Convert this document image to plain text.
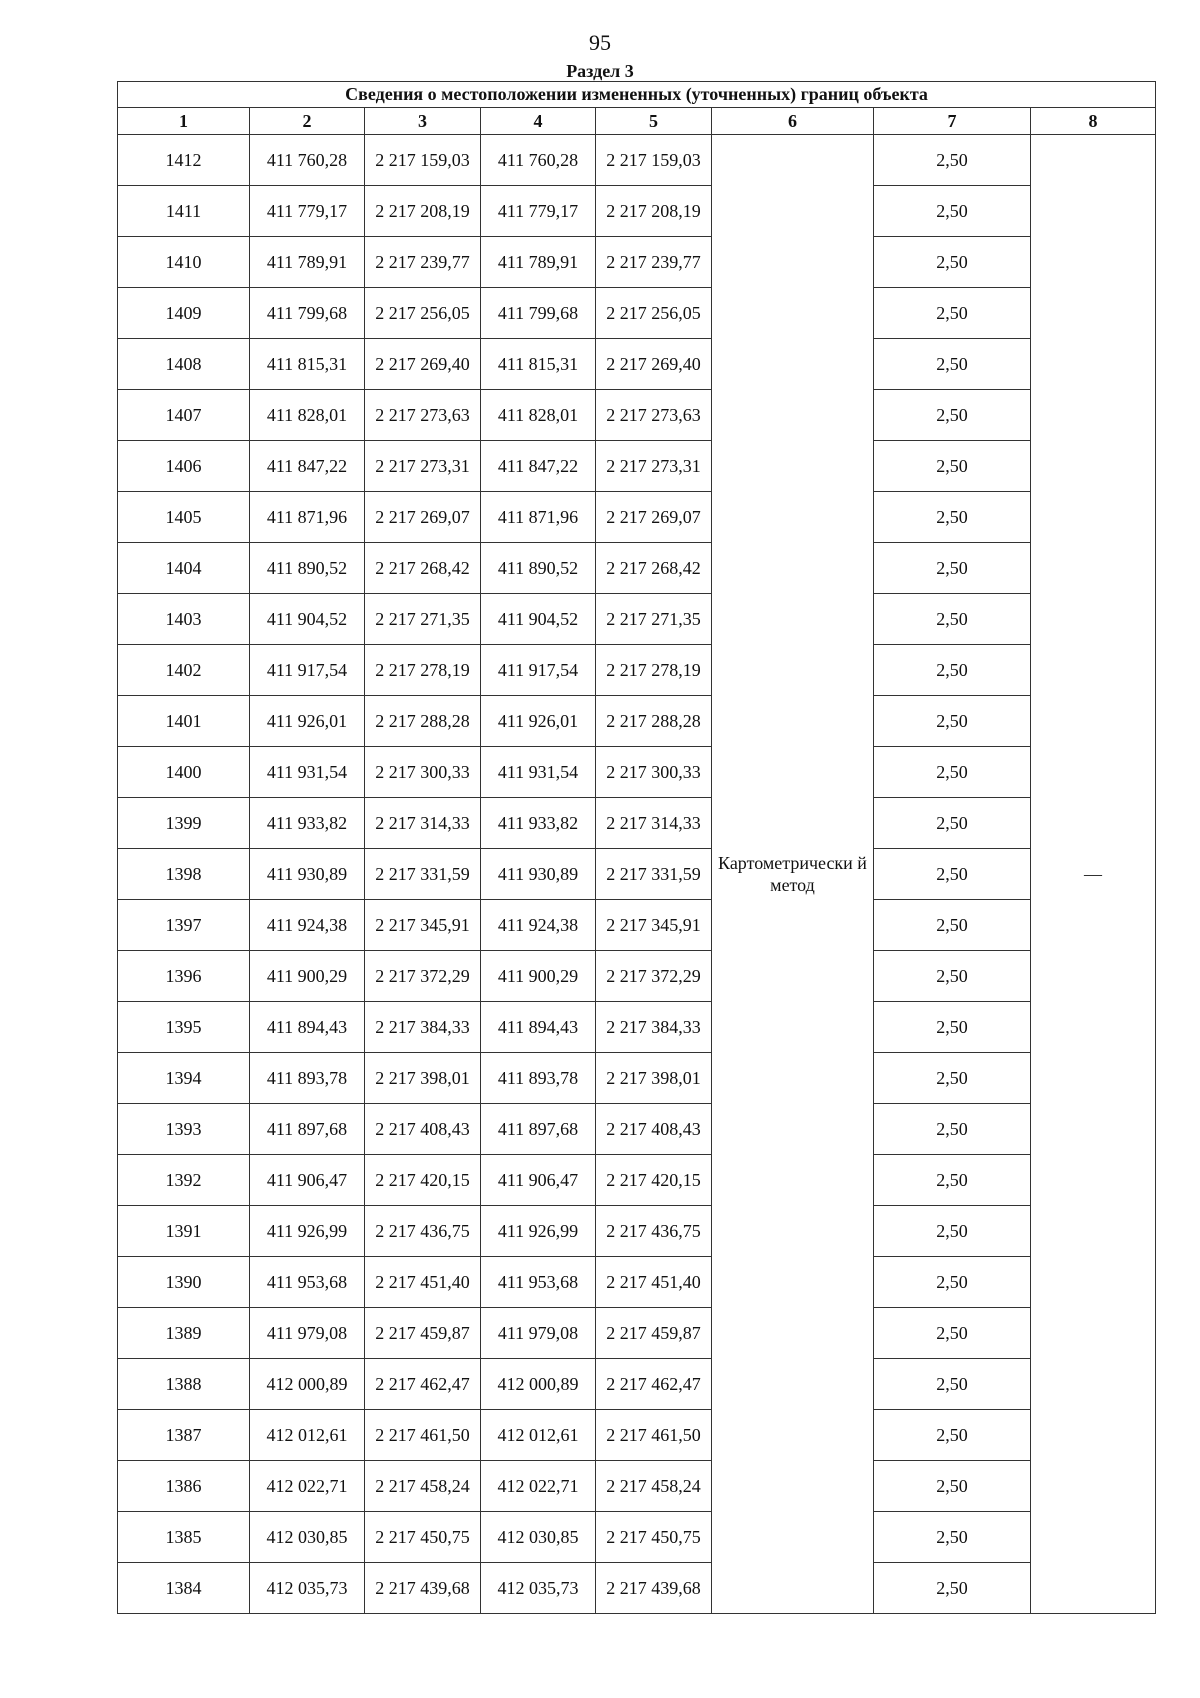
95
Раздел 3
Сведения о местоположении измененных (уточненных) границ объекта							
1	2	3	4	5	6	7	8
1412	411 760,28	2 217 159,03	411 760,28	2 217 159,03	Картометрически й метод	2,50	—
1411	411 779,17	2 217 208,19	411 779,17	2 217 208,19		2,50	
1410	411 789,91	2 217 239,77	411 789,91	2 217 239,77		2,50	
1409	411 799,68	2 217 256,05	411 799,68	2 217 256,05		2,50	
1408	411 815,31	2 217 269,40	411 815,31	2 217 269,40		2,50	
1407	411 828,01	2 217 273,63	411 828,01	2 217 273,63		2,50	
1406	411 847,22	2 217 273,31	411 847,22	2 217 273,31		2,50	
1405	411 871,96	2 217 269,07	411 871,96	2 217 269,07		2,50	
1404	411 890,52	2 217 268,42	411 890,52	2 217 268,42		2,50	
1403	411 904,52	2 217 271,35	411 904,52	2 217 271,35		2,50	
1402	411 917,54	2 217 278,19	411 917,54	2 217 278,19		2,50	
1401	411 926,01	2 217 288,28	411 926,01	2 217 288,28		2,50	
1400	411 931,54	2 217 300,33	411 931,54	2 217 300,33		2,50	
1399	411 933,82	2 217 314,33	411 933,82	2 217 314,33		2,50	
1398	411 930,89	2 217 331,59	411 930,89	2 217 331,59		2,50	
1397	411 924,38	2 217 345,91	411 924,38	2 217 345,91		2,50	
1396	411 900,29	2 217 372,29	411 900,29	2 217 372,29		2,50	
1395	411 894,43	2 217 384,33	411 894,43	2 217 384,33		2,50	
1394	411 893,78	2 217 398,01	411 893,78	2 217 398,01		2,50	
1393	411 897,68	2 217 408,43	411 897,68	2 217 408,43		2,50	
1392	411 906,47	2 217 420,15	411 906,47	2 217 420,15		2,50	
1391	411 926,99	2 217 436,75	411 926,99	2 217 436,75		2,50	
1390	411 953,68	2 217 451,40	411 953,68	2 217 451,40		2,50	
1389	411 979,08	2 217 459,87	411 979,08	2 217 459,87		2,50	
1388	412 000,89	2 217 462,47	412 000,89	2 217 462,47		2,50	
1387	412 012,61	2 217 461,50	412 012,61	2 217 461,50		2,50	
1386	412 022,71	2 217 458,24	412 022,71	2 217 458,24		2,50	
1385	412 030,85	2 217 450,75	412 030,85	2 217 450,75		2,50	
1384	412 035,73	2 217 439,68	412 035,73	2 217 439,68		2,50	
